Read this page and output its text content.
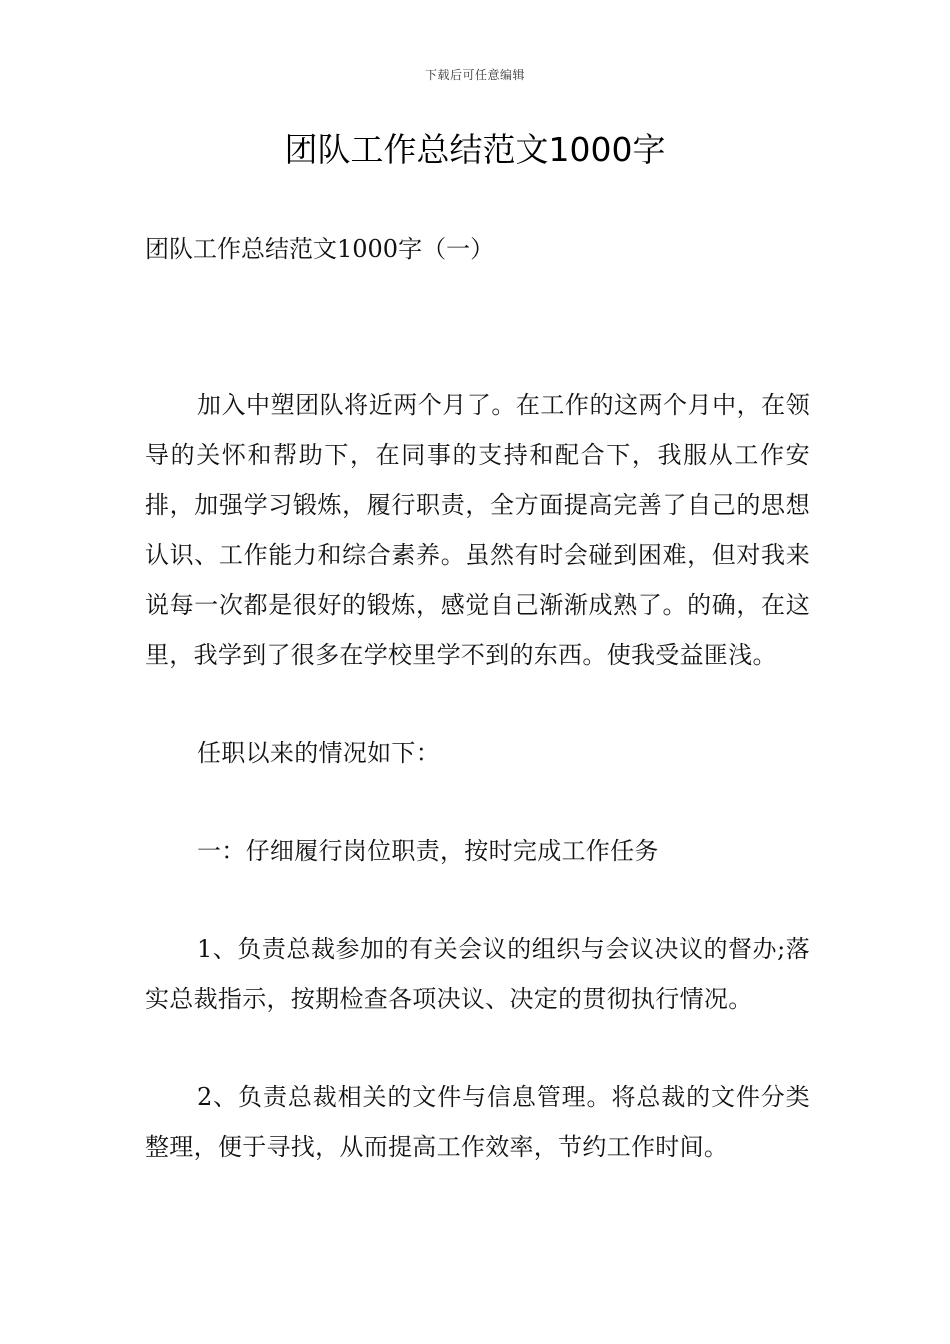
下载后可任意编辑
团队工作总结范文1000字

团队工作总结范文1000字（一）

加入中塑团队将近两个月了。在工作的这两个月中，在领导的关怀和帮助下，在同事的支持和配合下，我服从工作安排，加强学习锻炼，履行职责，全方面提高完善了自己的思想认识、工作能力和综合素养。虽然有时会碰到困难，但对我来说每一次都是很好的锻炼，感觉自己渐渐成熟了。的确，在这里，我学到了很多在学校里学不到的东西。使我受益匪浅。

任职以来的情况如下：

一：仔细履行岗位职责，按时完成工作任务

1、负责总裁参加的有关会议的组织与会议决议的督办;落实总裁指示，按期检查各项决议、决定的贯彻执行情况。

2、负责总裁相关的文件与信息管理。将总裁的文件分类整理，便于寻找，从而提高工作效率，节约工作时间。
